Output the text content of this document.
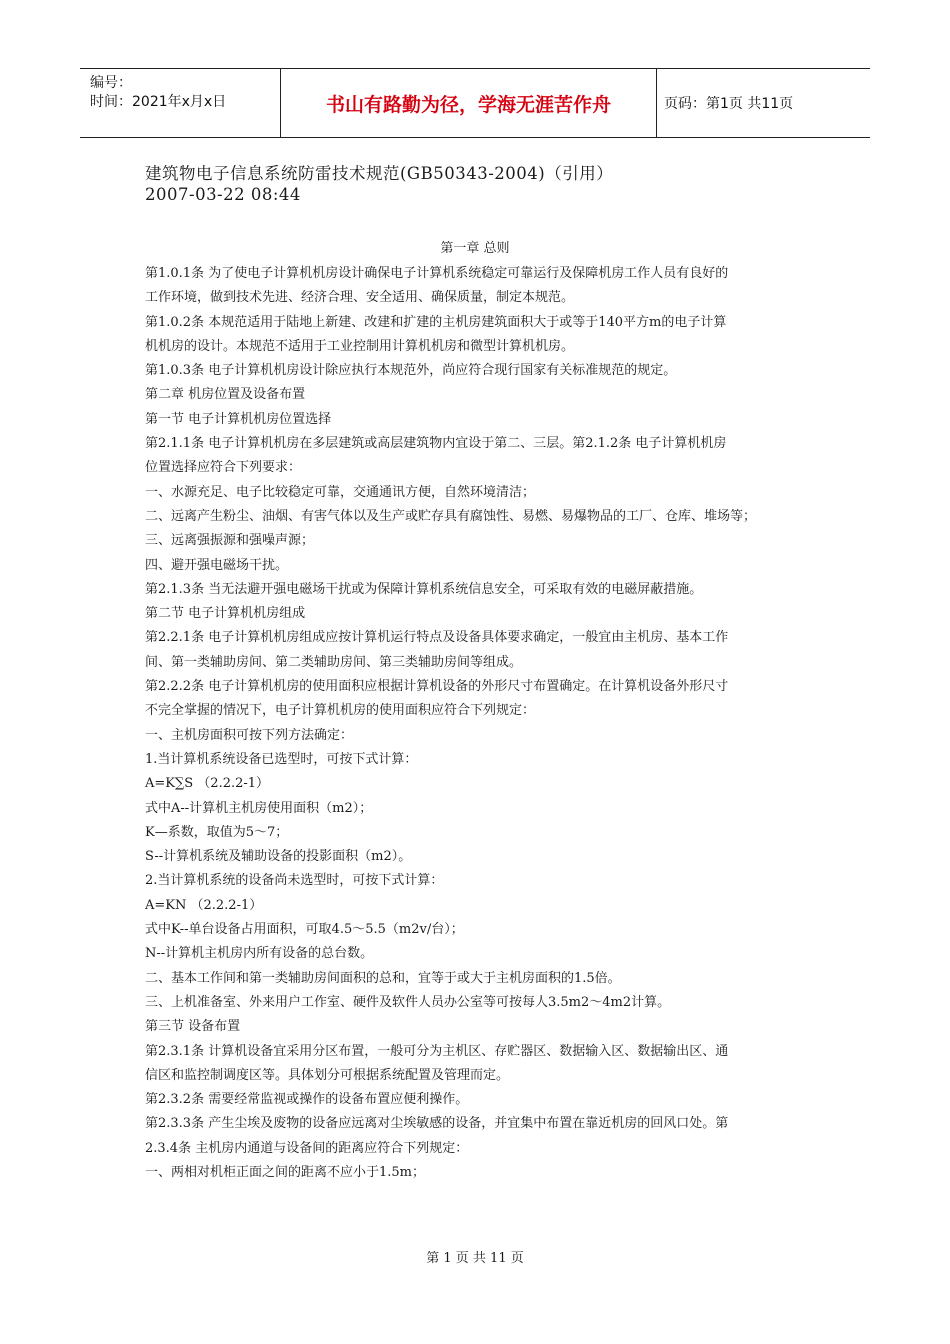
编号：
时间：2021年x月x日	书山有路勤为径，学海无涯苦作舟	页码：第1页 共11页
建筑物电子信息系统防雷技术规范(GB50343-2004)（引用）
2007-03-22 08:44
第一章 总则
第1.0.1条 为了使电子计算机机房设计确保电子计算机系统稳定可靠运行及保障机房工作人员有良好的
工作环境，做到技术先进、经济合理、安全适用、确保质量，制定本规范。
第1.0.2条 本规范适用于陆地上新建、改建和扩建的主机房建筑面积大于或等于140平方m的电子计算
机机房的设计。本规范不适用于工业控制用计算机机房和微型计算机机房。
第1.0.3条 电子计算机机房设计除应执行本规范外，尚应符合现行国家有关标准规范的规定。
第二章 机房位置及设备布置
第一节 电子计算机机房位置选择
第2.1.1条 电子计算机机房在多层建筑或高层建筑物内宜设于第二、三层。第2.1.2条 电子计算机机房
位置选择应符合下列要求：
一、水源充足、电子比较稳定可靠，交通通讯方便，自然环境清洁；
二、远离产生粉尘、油烟、有害气体以及生产或贮存具有腐蚀性、易燃、易爆物品的工厂、仓库、堆场等；
三、远离强振源和强噪声源；
四、避开强电磁场干扰。
第2.1.3条 当无法避开强电磁场干扰或为保障计算机系统信息安全，可采取有效的电磁屏蔽措施。
第二节 电子计算机机房组成
第2.2.1条 电子计算机机房组成应按计算机运行特点及设备具体要求确定，一般宜由主机房、基本工作
间、第一类辅助房间、第二类辅助房间、第三类辅助房间等组成。
第2.2.2条 电子计算机机房的使用面积应根据计算机设备的外形尺寸布置确定。在计算机设备外形尺寸
不完全掌握的情况下，电子计算机机房的使用面积应符合下列规定：
一、主机房面积可按下列方法确定：
1.当计算机系统设备已选型时，可按下式计算：
A=K∑S （2.2.2-1）
式中A--计算机主机房使用面积（m2）；
K—系数，取值为5～7；
S--计算机系统及辅助设备的投影面积（m2）。
2.当计算机系统的设备尚未选型时，可按下式计算：
A=KN （2.2.2-1）
式中K--单台设备占用面积，可取4.5～5.5（m2v/台）；
N--计算机主机房内所有设备的总台数。
二、基本工作间和第一类辅助房间面积的总和，宜等于或大于主机房面积的1.5倍。
三、上机准备室、外来用户工作室、硬件及软件人员办公室等可按每人3.5m2～4m2计算。
第三节 设备布置
第2.3.1条 计算机设备宜采用分区布置，一般可分为主机区、存贮器区、数据输入区、数据输出区、通
信区和监控制调度区等。具体划分可根据系统配置及管理而定。
第2.3.2条 需要经常监视或操作的设备布置应便利操作。
第2.3.3条 产生尘埃及废物的设备应远离对尘埃敏感的设备，并宜集中布置在靠近机房的回风口处。第
2.3.4条 主机房内通道与设备间的距离应符合下列规定：
一、两相对机柜正面之间的距离不应小于1.5m；
第 1 页 共 11 页
